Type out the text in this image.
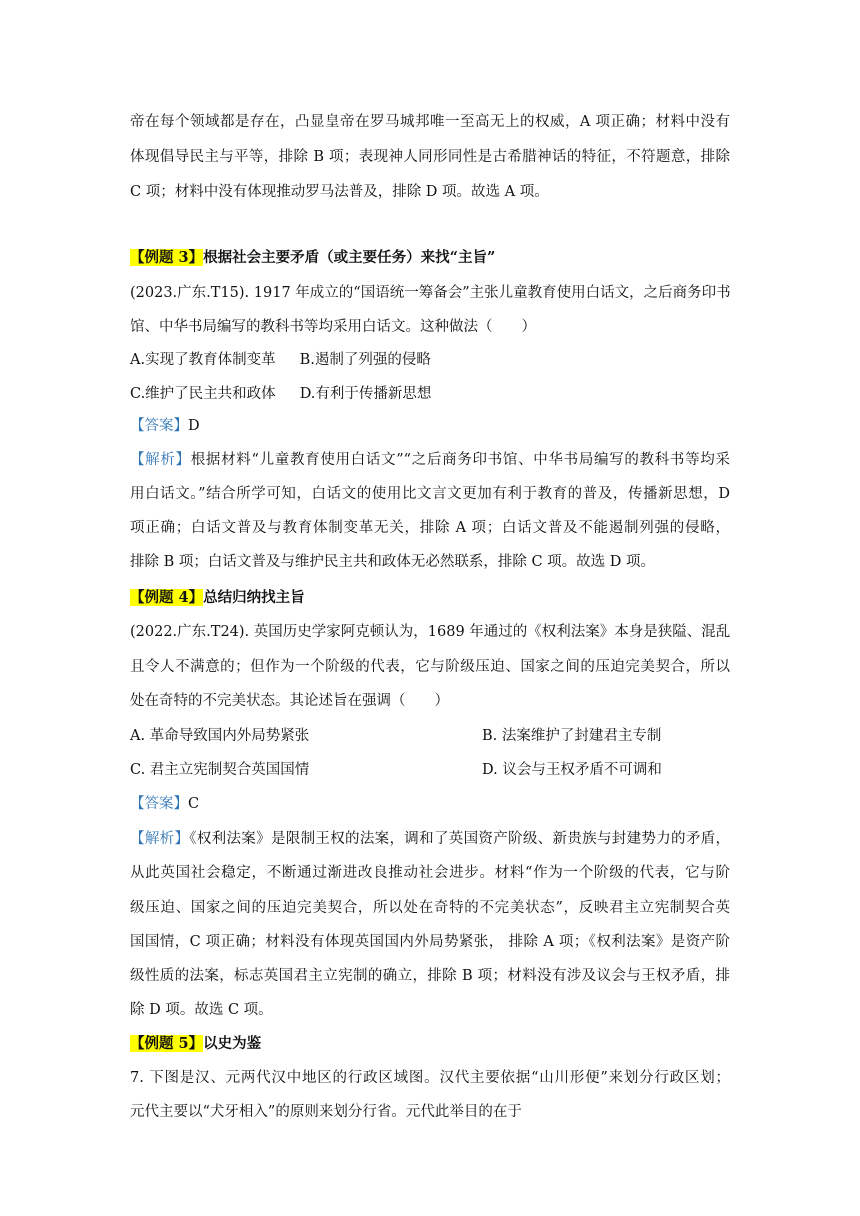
帝在每个领域都是存在，凸显皇帝在罗马城邦唯一至高无上的权威，A 项正确；材料中没有
体现倡导民主与平等，排除 B 项；表现神人同形同性是古希腊神话的特征，不符题意，排除
C 项；材料中没有体现推动罗马法普及，排除 D 项。故选 A 项。
【例题 3】根据社会主要矛盾（或主要任务）来找“主旨”
(2023.广东.T15). 1917 年成立的“国语统一筹备会”主张儿童教育使用白话文，之后商务印书
馆、中华书局编写的教科书等均采用白话文。这种做法（　　）
A.实现了教育体制变革 B.遏制了列强的侵略
C.维护了民主共和政体 D.有利于传播新思想
【答案】D
【解析】根据材料“儿童教育使用白话文”“之后商务印书馆、中华书局编写的教科书等均采
用白话文。”结合所学可知，白话文的使用比文言文更加有利于教育的普及，传播新思想，D
项正确；白话文普及与教育体制变革无关，排除 A 项；白话文普及不能遏制列强的侵略，
排除 B 项；白话文普及与维护民主共和政体无必然联系，排除 C 项。故选 D 项。
【例题 4】总结归纳找主旨
(2022.广东.T24). 英国历史学家阿克顿认为，1689 年通过的《权利法案》本身是狭隘、混乱
且令人不满意的；但作为一个阶级的代表，它与阶级压迫、国家之间的压迫完美契合，所以
处在奇特的不完美状态。其论述旨在强调（　　）
A. 革命导致国内外局势紧张	B. 法案维护了封建君主专制
C. 君主立宪制契合英国国情	D. 议会与王权矛盾不可调和
【答案】C
【解析】《权利法案》是限制王权的法案，调和了英国资产阶级、新贵族与封建势力的矛盾，
从此英国社会稳定，不断通过渐进改良推动社会进步。材料“作为一个阶级的代表，它与阶
级压迫、国家之间的压迫完美契合，所以处在奇特的不完美状态”，反映君主立宪制契合英
国国情，C 项正确；材料没有体现英国国内外局势紧张， 排除 A 项；《权利法案》是资产阶
级性质的法案，标志英国君主立宪制的确立，排除 B 项；材料没有涉及议会与王权矛盾，排
除 D 项。故选 C 项。
【例题 5】以史为鉴
7. 下图是汉、元两代汉中地区的行政区域图。汉代主要依据“山川形便”来划分行政区划；
元代主要以“犬牙相入”的原则来划分行省。元代此举目的在于
